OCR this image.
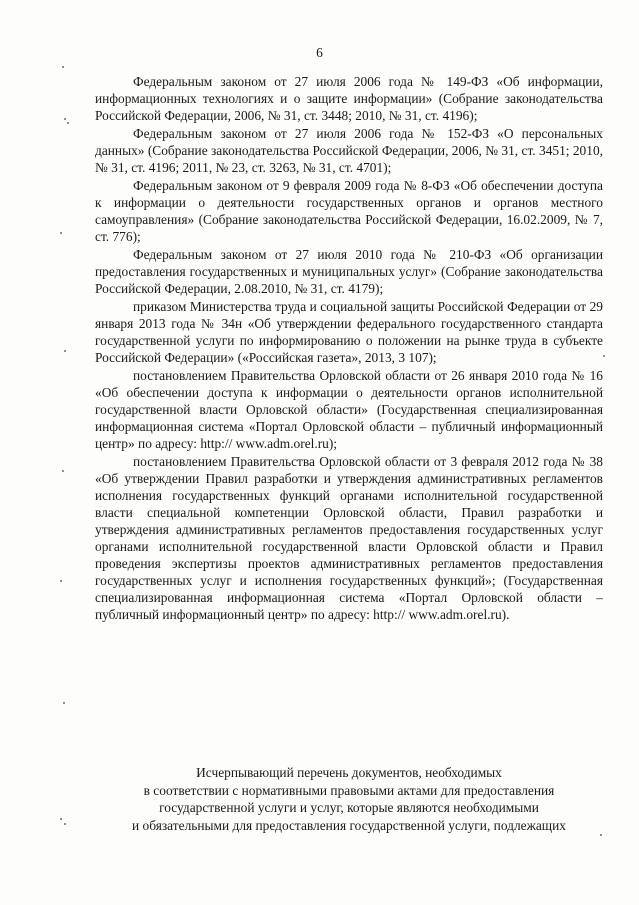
6

Федеральным законом от 27 июля 2006 года № 149-ФЗ «Об информации, информационных технологиях и о защите информации» (Собрание законодательства Российской Федерации, 2006, № 31, ст. 3448; 2010, № 31, ст. 4196);

Федеральным законом от 27 июля 2006 года № 152-ФЗ «О персональных данных» (Собрание законодательства Российской Федерации, 2006, № 31, ст. 3451; 2010, № 31, ст. 4196; 2011, № 23, ст. 3263, № 31, ст. 4701);

Федеральным законом от 9 февраля 2009 года № 8-ФЗ «Об обеспечении доступа к информации о деятельности государственных органов и органов местного самоуправления» (Собрание законодательства Российской Федерации, 16.02.2009, № 7, ст. 776);

Федеральным законом от 27 июля 2010 года № 210-ФЗ «Об организации предоставления государственных и муниципальных услуг» (Собрание законодательства Российской Федерации, 2.08.2010, № 31, ст. 4179);

приказом Министерства труда и социальной защиты Российской Федерации от 29 января 2013 года № 34н «Об утверждении федерального государственного стандарта государственной услуги по информированию о положении на рынке труда в субъекте Российской Федерации» («Российская газета», 2013, 3 107);

постановлением Правительства Орловской области от 26 января 2010 года № 16 «Об обеспечении доступа к информации о деятельности органов исполнительной государственной власти Орловской области» (Государственная специализированная информационная система «Портал Орловской области – публичный информационный центр» по адресу: http:// www.adm.orel.ru);

постановлением Правительства Орловской области от 3 февраля 2012 года № 38 «Об утверждении Правил разработки и утверждения административных регламентов исполнения государственных функций органами исполнительной государственной власти специальной компетенции Орловской области, Правил разработки и утверждения административных регламентов предоставления государственных услуг органами исполнительной государственной власти Орловской области и Правил проведения экспертизы проектов административных регламентов предоставления государственных услуг и исполнения государственных функций»; (Государственная специализированная информационная система «Портал Орловской области – публичный информационный центр» по адресу: http:// www.adm.orel.ru).

Исчерпывающий перечень документов, необходимых
в соответствии с нормативными правовыми актами для предоставления
государственной услуги и услуг, которые являются необходимыми
и обязательными для предоставления государственной услуги, подлежащих
